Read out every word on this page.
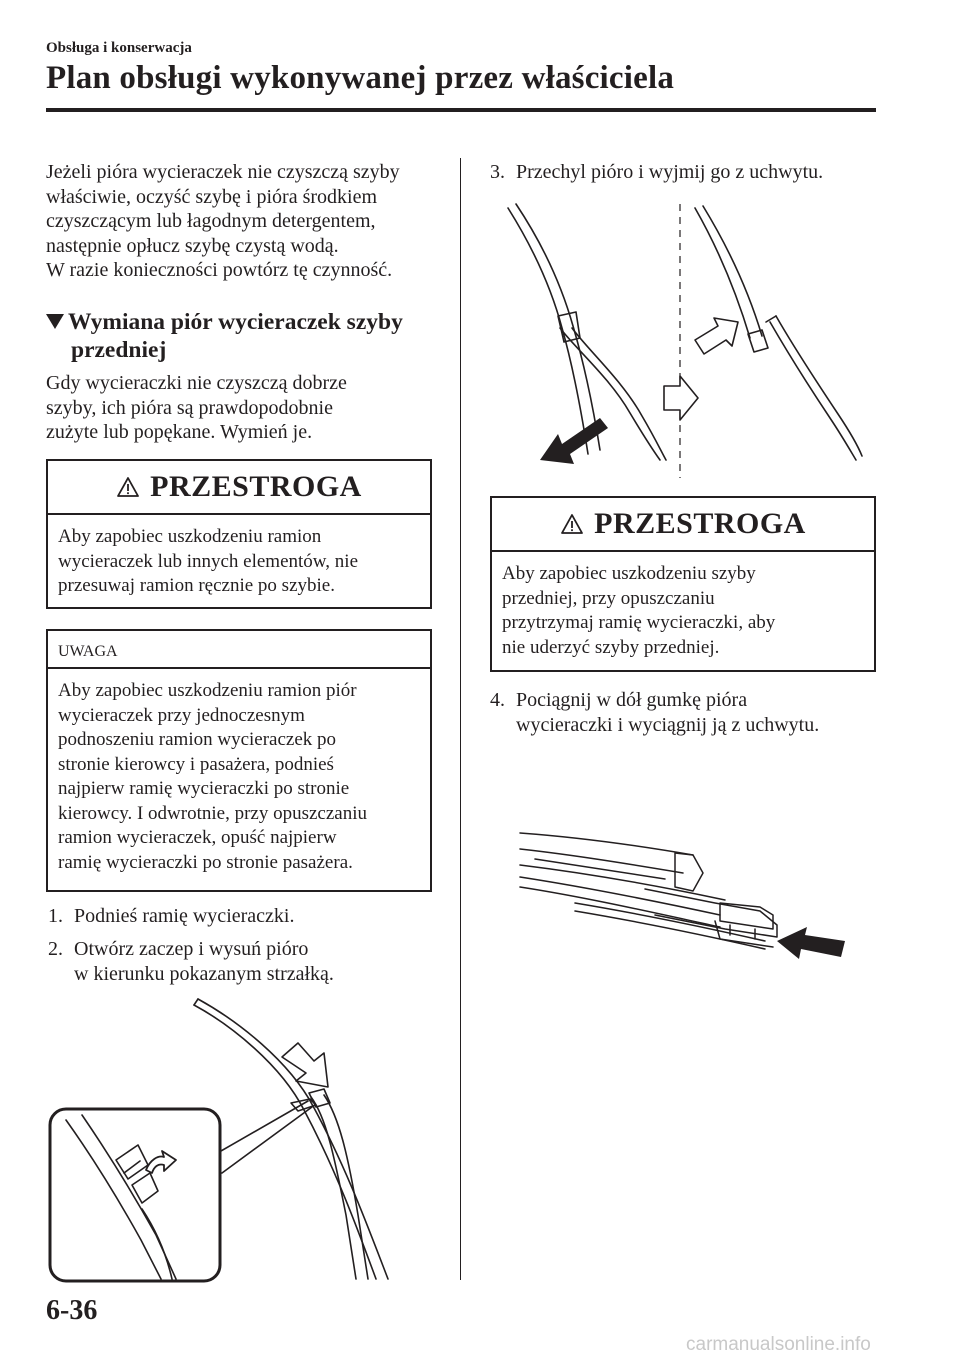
Obsługa i konserwacja
Plan obsługi wykonywanej przez właściciela

Jeżeli pióra wycieraczek nie czyszczą szyby

właściwie, oczyść szybę i pióra środkiem

czyszczącym lub łagodnym detergentem,

następnie opłucz szybę czystą wodą.

W razie konieczności powtórz tę czynność.

Wymiana piór wycieraczek szyby
przedniej

Gdy wycieraczki nie czyszczą dobrze

szyby, ich pióra są prawdopodobnie

zużyte lub popękane. Wymień je.

PRZESTROGA
Aby zapobiec uszkodzeniu ramion
wycieraczek lub innych elementów, nie
przesuwaj ramion ręcznie po szybie.
UWAGA
Aby zapobiec uszkodzeniu ramion piór
wycieraczek przy jednoczesnym
podnoszeniu ramion wycieraczek po
stronie kierowcy i pasażera, podnieś
najpierw ramię wycieraczki po stronie
kierowcy. I odwrotnie, przy opuszczaniu
ramion wycieraczek, opuść najpierw
ramię wycieraczki po stronie pasażera.
1. Podnieś ramię wycieraczki.
2. Otwórz zaczep i wysuń pióro
w kierunku pokazanym strzałką.
3. Przechyl pióro i wyjmij go z uchwytu.
PRZESTROGA
Aby zapobiec uszkodzeniu szyby
przedniej, przy opuszczaniu
przytrzymaj ramię wycieraczki, aby
nie uderzyć szyby przedniej.
4. Pociągnij w dół gumkę pióra
wycieraczki i wyciągnij ją z uchwytu.
6-36
carmanualsonline.info
